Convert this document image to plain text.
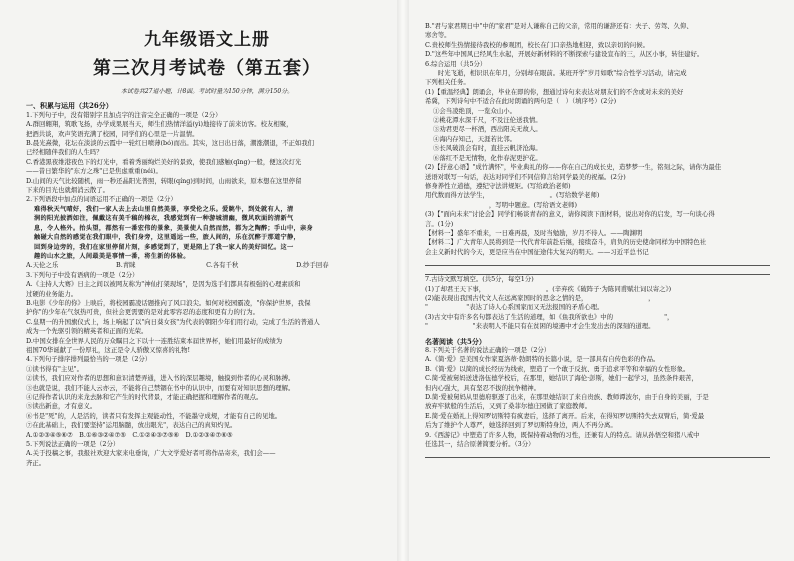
九年级语文上册
第三次月考试卷（第五套）
本试卷共27道小题，计8面。考试时量为150分钟，满分150分。
一、积累与运用（共26分）
1.下列句子中，没有错别字且加点字的注音完全正确的一项是（2分）
A.群回翱翔，筑歌飞扬，办学成果展当天，师生们热情洋溢(yì)地接待了前来访客。校友相聚，
把酒共谈，欢声笑语充满了校园，同学们的心里是一片温情。
B.晨光熹微，花坛在淡淡的云霞中一轮红日喷薄(bó)而出。其实，这日出日落，潮涨潮退，不正如我们
已经相随伴我们的人生吗？
C.香港黑夜维港夜色下的灯光中，看着秀丽绚烂美好的景致，使我们感触(qīng)一般，便这次灯光
——昔日繁华的"东方之珠"已是焦虑重重(néi)。
D.山间的天气比较随机，雨一秒还晶阳光普照，转眼(qíng)到时间，山雨欲来，原本想在这里停留
下来的目光也就烟消云散了。
2.下列语段中加点的词语运用不正确的一项是（2分）
难得秋天气晴好，我们一家人去上去山里自然美景，享受伦之乐。爱眺牛，到处就有人，清
润的阳光披洒如注，佩戴这有美千稿的棉衣，我感觉到有一种游城清幽，微风吹面的清新气
息，令人格外。抬头望，都然有一番宏伟的景象，美景使人自然而然，都为之陶醉；手山中，亲身
触碰大自然的感觉在我们眼中，我们身旁，这里遥远一些，旅人间的，乐在沉醉于那道宁静，
回到身边旁的，我们在家里停留片刻，多感觉到了，更是陪上了我一家人的美好回忆。这一
趣的山水之旅，人间最美是事情一番，将生新的体验。
A.天伦之乐	B.青睐	C.各有千秋	D.纱手回春
3.下列句子中没有语病的一项是（2分）
A.《主持人大赛》日主之间以被网友称为"神仙打架现场"，是因为选手们都具有极强的心理素质和
过硬的业务能力。
B.电影《少年的你》上映后，将校园霸凌话题推向了风口浪尖。如何对校园霸凌，"你保护世界，我保
护你"的少年在气氛热可贵，但社会更需要的是对此零容忍的态度和更有力的行为。
C.皇期一的升国旗仪式上，场上响起了以"向日葵女孩"为代表的朝阳少年们用行动，完成了生活的普通人
成为一个先驱引领的精英者和正面的光荣。
D.中国女排在全世界人民的万众瞩目之下以十一连胜结束本届世界杯，她们用最好的成绩为
祖国70华诞献了一份厚礼，这正是令人骄傲又惊喜的礼物!
4.下列句子排序排列最恰当的一项是（2分）
①读书得有"主见"。
②读书，我们应对作者的思想和意识清楚弄通，进入书的深层趣境，触摸到作者的心灵和脉搏。
③也就是说，我们不能人云亦云，不能将自己禁锢在书中的认识中，而要有对知识思想的理解。
④记得作者认识的来龙去脉和它产生的时代背景，才能正确把握和理解作者的观点。
⑤读出新意，才有意义。
⑥书是"死"的，人是活的，读者只有发挥主观能动性，不能墨守成规，才能有自己的见地。
⑦在此基础上，我们要坚持"运用脑髓，放出眼光"，表达自己的真知灼见。
A.①②③④⑤⑥⑦　B.①⑥③②④⑦⑤　C.①②④③⑦⑤⑥　D.①②③④⑦⑥⑤
5.下列说法正确的一项是（2分）
A.关于投稿之事，我报社欢迎大家来电垂询，广大文学爱好者可将作品寄来，我们会——
齐正。
B."君与家君期日中"中的"家君"是对人谦称自己的父亲，常用的谦辞还有：夫子、劳驾、久仰、
寒舍等。
C.贵校师生热情接待我校的参观团，校长在门口亲热地相迎，致以亲切的问候。
D."这些年中国风已经风生水起，开展好新材料的不断探索与建设宣布的三，从区小事，转往建好。
6.综合运用（共5分）
　　时光飞逝，相识讯在年月，分别却在眼前。某班开学"岁月如歌"综合性学习活动，请完成
下列相关任务。
(1)【重温经典】朗诵会，毕业在即的你，想通过诗句来表达对朋友们的不舍或对未来的美好
希冀，下列诗句中不适合在此时朗诵的两句是（　）（填序号）(2分)
①会当凌绝顶，一览众山小。
②桃花潭水深千尺，不及汪伦送我情。
③劝君更尽一杯酒，西出阳关无故人。
④海内存知己，天涯若比邻。
⑤长风破浪会有时，直挂云帆济沧海。
⑥落红不是无情物，化作春泥更护花。
(2)【抒意心语】"成竹满怀"，毕业典礼的你——你在自己的成长史，造梦梦一生，铭刻之际，请你为最佳
送语对联写一句话，表达对同学们不同信仰言给同学最美的祝福。(2分)
修身养性立道德，遵纪守法讲规矩。(写给政治老师)
用代数而得方法学生，　　　　　　　　　　。(写给数学老师)
　　　　　　　　　　，写明中题意。(写给语文老师)
(3)【"面向未来"讨论会】同学们畅谈青春的意义，请你阅读下面材料，说出对你的启发，写一句谈心得
言。(1分)
【材料一】盛年不重来，一日难再晨，及时当勉励，岁月不待人。——陶渊明
【材料二】广大青年人民将到是一代代青年前赴后继，接续奋斗，肩负的历史使命同样为中国特色社
会主义新时代的今天，更是应当在中国征途伟大复兴的明天。——习近平总书记
7.古诗文默写填空。(共5分，每空1分)
(1)了却君王天下事，　　　　　　　　　　。(辛弃疾《破阵子·为陈同甫赋壮词以寄之》)
(2)能表现出我国古代文人在远离家国时的思念之情的是，　　　　　　　　　　，
"　　　　　　"表达了诗人心系国家而又无法报国的矛盾心理。
(3)古文中有许多名句都表达了生活的道理，如《鱼我所欲也》中的　　　　　　　　"，
"　　　　　　　"来表明人不能只有在贫困的境遇中才会生发出去的深刻的道理。
名著阅读（共5分）
8.下列关于名著的说法正确的一项是（2分）
A.《简·爱》是美国女作家夏洛蒂·勃朗特的长篇小说，是一部具有自传色彩的作品。
B.《简·爱》以简的成长经历为线索，塑造了一个敢于反抗、勇于追求平等和幸福的女性形象。
C.简·爱被舅妈送进洛伍德学校后，在那里，她结识了海伦·彭斯，她们一起学习，虽然条件艰苦，
但内心强大，具有坚忍不拔的抗争精神。
D.简·爱被舅妈从里德府驱逐了出来，在那里她结识了来自贵族、教师谭波尔，由于自身的美丽，于是
放弃牢狱般的生活后，又到了桑菲尔德庄园做了家庭教师。
E.简·爱在婚礼上得知罗切斯特有疯妻后，选择了离开。后来，在得知罗切斯特失去双臂后，简·爱最
后为了维护个人尊严，她选择回到了罗切斯特身边，两人不再分离。
9.《西游记》中塑造了许多人物，既保持着动物的习性，还兼有人的特点。请从孙悟空和猪八戒中
任选其一，结合原著简要分析。（3分）
